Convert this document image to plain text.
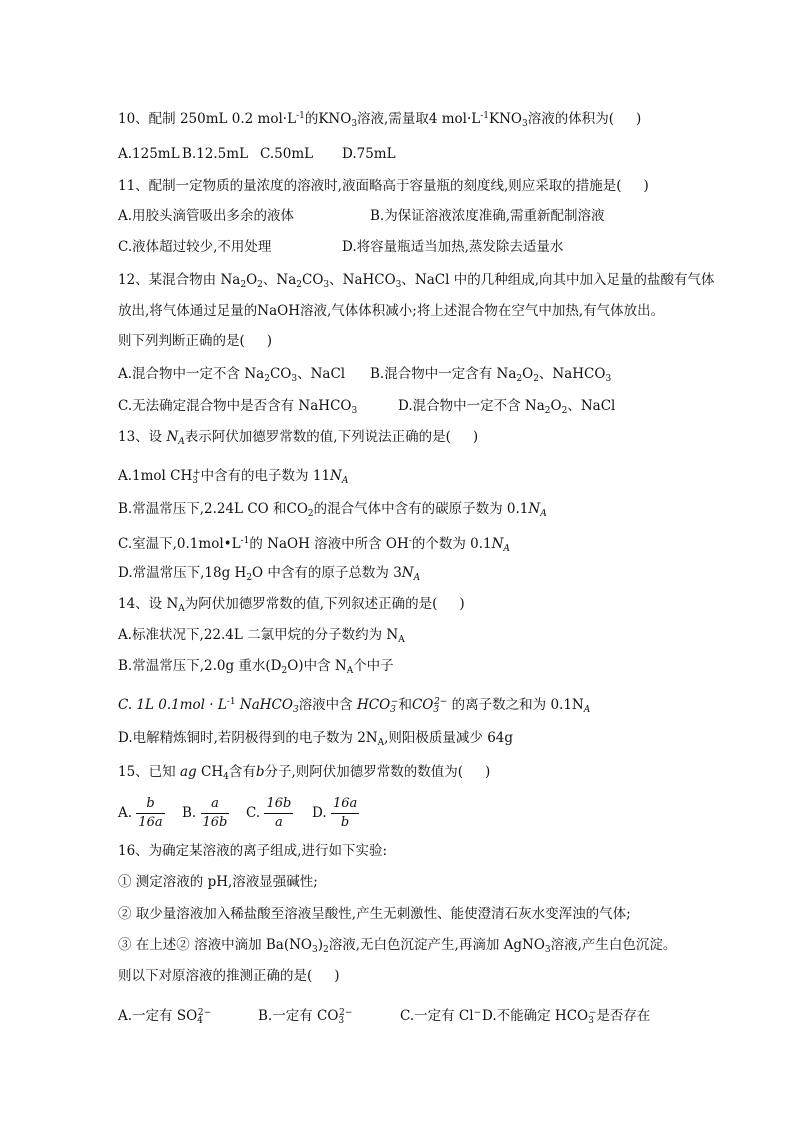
10、配制 250mL 0.2 $mol\cdot L^{-1}$的$KNO_3$溶液,需量取4 $mol\cdot L^{-1}KNO_3$溶液的体积为( )
A.125mL B.12.5mL C.50mL D.75mL
11、配制一定物质的量浓度的溶液时,液面略高于容量瓶的刻度线,则应采取的措施是( )
A.用胶头滴管吸出多余的液体	B.为保证溶液浓度准确,需重新配制溶液
C.液体超过较少,不用处理	D.将容量瓶适当加热,蒸发除去适量水
12、某混合物由 $Na_2O_2$、$Na_2CO_3$、NaHCO$_3$、NaCl 中的几种组成,向其中加入足量的盐酸有气体
放出,将气体通过足量的NaOH溶液,气体体积减小;将上述混合物在空气中加热,有气体放出。
则下列判断正确的是( )
A.混合物中一定不含 $Na_2CO_3$、NaCl B.混合物中一定含有 $Na_2O_2$、NaHCO$_3$
C.无法确定混合物中是否含有 NaHCO$_3$	D.混合物中一定不含 $Na_2O_2$、NaCl
13、设 $N_A$表示阿伏加德罗常数的值,下列说法正确的是( )
A.1mol $CH_3^+$中含有的电子数为 $11N_A$
B.常温常压下,2.24L CO 和$CO_2$的混合气体中含有的碳原子数为 $0.1N_A$
C.室温下$,0.1mol•L^{-1}$的 NaOH 溶液中所含 OH-的个数为 $0.1N_A$
D.常温常压下,18g $H_2O$ 中含有的原子总数为 $3N_A$
14、设 $N_A$为阿伏加德罗常数的值,下列叙述正确的是( )
A.标准状况下,22.4L 二氯甲烷的分子数约为 $N_A$
B.常温常压下,2.0g 重水$(D_2O)$中含 $N_A$个中子
C. 1L $0.1mol \cdot L^{-1}$ NaHCO$_3$溶液中含 $HCO_3^-$和$CO_3^{2-}$ 的离子数之和为 $0.1N_A$
D.电解精炼铜时,若阴极得到的电子数为 $2N_A$,则阳极质量减少 64g
15、已知 ag $CH_4$含有b分子,则阿伏加德罗常数的数值为( )
A. $\frac{b}{16a} B$. $\frac{a}{16b} C$. $\frac{16b}{a} D$. $\frac{16a}{b}$
16、为确定某溶液的离子组成,进行如下实验:
① 测定溶液的 pH,溶液显强碱性;
② 取少量溶液加入稀盐酸至溶液呈酸性,产生无刺激性、能使澄清石灰水变浑浊的气体;
③ 在上述② 溶液中滴加 $Ba(NO_3)_2$溶液,无白色沉淀产生,再滴加 AgNO$_3$溶液,产生白色沉淀。
则以下对原溶液的推测正确的是( )
A.一定有 $SO_4^{2-}$	B.一定有 $CO_3^{2-}$	C.一定有 Cl− D.不能确定 $HCO_3^-$是否存在
